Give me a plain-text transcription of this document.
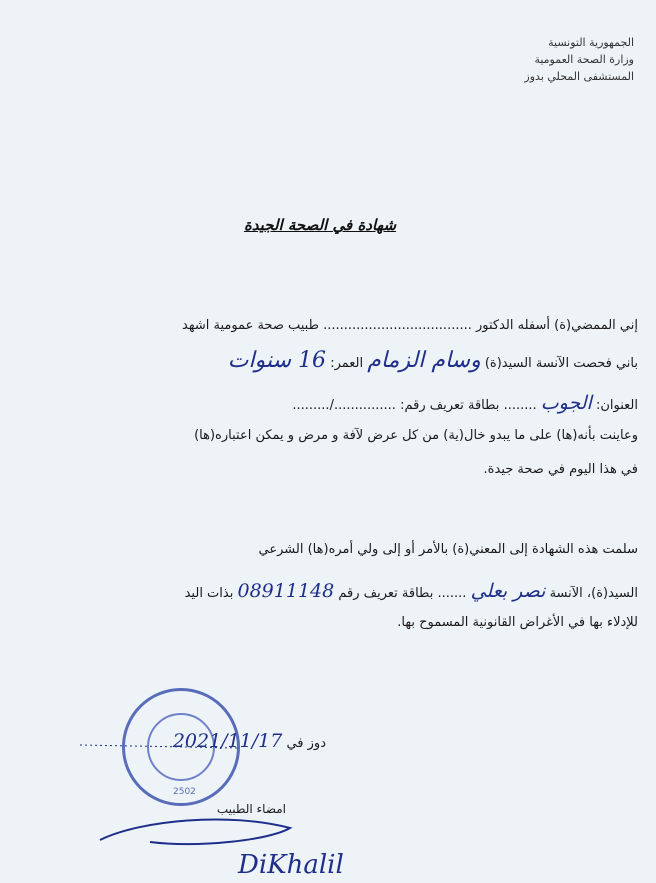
الجمهورية التونسية
وزارة الصحة العمومية
المستشفى المحلي بدوز
شهادة في الصحة الجيدة
إني الممضي(ة) أسفله الدكتور .................................... طبيب صحة عمومية اشهد
باني فحصت الآنسة السيد(ة) وسام الزمام العمر: 16 سنوات
العنوان: الجوب ........ بطاقة تعريف رقم: .............../.........
وعاينت بأنه(ها) على ما يبدو خال(ية) من كل عرض لآفة و مرض و يمكن اعتباره(ها)
في هذا اليوم في صحة جيدة.
سلمت هذه الشهادة إلى المعني(ة) بالأمر أو إلى ولي أمره(ها) الشرعي
السيد(ة)، الآنسة نصر بعلي ....... بطاقة تعريف رقم 08911148 بذات اليد
للإدلاء بها في الأغراض القانونية المسموح بها.
2502
دوز في 2021/11/17
امضاء الطبيب
DiKhalil
